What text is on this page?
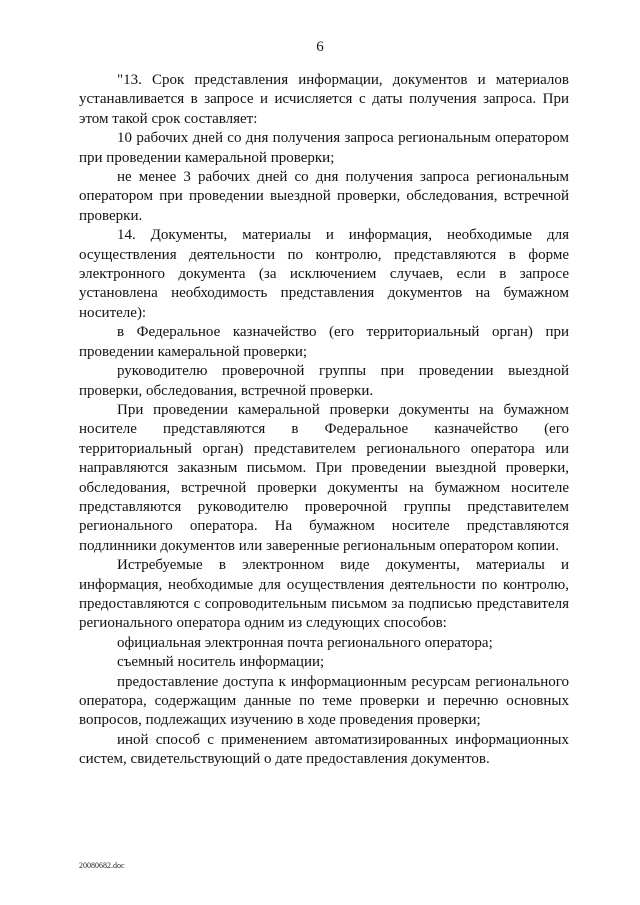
6

"13. Срок представления информации, документов и материалов устанавливается в запросе и исчисляется с даты получения запроса. При этом такой срок составляет:

10 рабочих дней со дня получения запроса региональным оператором при проведении камеральной проверки;

не менее 3 рабочих дней со дня получения запроса региональным оператором при проведении выездной проверки, обследования, встречной проверки.

14. Документы, материалы и информация, необходимые для осуществления деятельности по контролю, представляются в форме электронного документа (за исключением случаев, если в запросе установлена необходимость представления документов на бумажном носителе):

в Федеральное казначейство (его территориальный орган) при проведении камеральной проверки;

руководителю проверочной группы при проведении выездной проверки, обследования, встречной проверки.

При проведении камеральной проверки документы на бумажном носителе представляются в Федеральное казначейство (его территориальный орган) представителем регионального оператора или направляются заказным письмом. При проведении выездной проверки, обследования, встречной проверки документы на бумажном носителе представляются руководителю проверочной группы представителем регионального оператора. На бумажном носителе представляются подлинники документов или заверенные региональным оператором копии.

Истребуемые в электронном виде документы, материалы и информация, необходимые для осуществления деятельности по контролю, предоставляются с сопроводительным письмом за подписью представителя регионального оператора одним из следующих способов:

официальная электронная почта регионального оператора;

съемный носитель информации;

предоставление доступа к информационным ресурсам регионального оператора, содержащим данные по теме проверки и перечню основных вопросов, подлежащих изучению в ходе проведения проверки;

иной способ с применением автоматизированных информационных систем, свидетельствующий о дате предоставления документов.

20080682.doc
